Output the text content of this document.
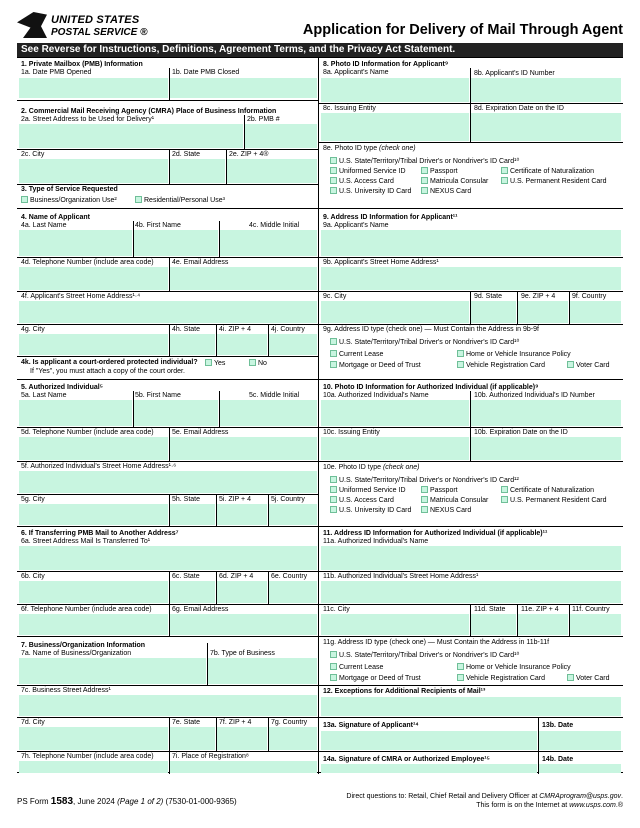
UNITED STATES
POSTAL SERVICE ®	Application for Delivery of Mail Through Agent
See Reverse for Instructions, Definitions, Agreement Terms, and the Privacy Act Statement.
1. Private Mailbox (PMB) Information
1a. Date PMB Opened	1b. Date PMB Closed
2. Commercial Mail Receiving Agency (CMRA) Place of Business Information
2a. Street Address to be Used for Delivery¹	2b. PMB #
2c. City	2d. State	2e. ZIP + 4®
3. Type of Service Requested
Business/Organization Use²	Residential/Personal Use³
4. Name of Applicant
4a. Last Name	4b. First Name	4c. Middle Initial
4d. Telephone Number (include area code)	4e. Email Address
4f. Applicant's Street Home Address¹·⁴
4g. City	4h. State	4i. ZIP + 4	4j. Country
4k. Is applicant a court-ordered protected individual?	Yes	No
If "Yes", you must attach a copy of the court order.
5. Authorized Individual⁵
5a. Last Name	5b. First Name	5c. Middle Initial
5d. Telephone Number (include area code)	5e. Email Address
5f. Authorized Individual's Street Home Address¹·⁶
5g. City	5h. State	5i. ZIP + 4	5j. Country
6. If Transferring PMB Mail to Another Address⁷
6a. Street Address Mail Is Transferred To¹
6b. City	6c. State	6d. ZIP + 4	6e. Country
6f. Telephone Number (include area code)	6g. Email Address
7. Business/Organization Information
7a. Name of Business/Organization	7b. Type of Business
7c. Business Street Address¹
7d. City	7e. State	7f. ZIP + 4	7g. Country
7h. Telephone Number (include area code)	7i. Place of Registration⁸
8. Photo ID Information for Applicant⁹
8a. Applicant's Name	8b. Applicant's ID Number
8c. Issuing Entity	8d. Expiration Date on the ID
8e. Photo ID type (check one)
U.S. State/Territory/Tribal Driver's or Nondriver's ID Card¹⁰
Uniformed Service ID	Passport	Certificate of Naturalization
U.S. Access Card	Matricula Consular	U.S. Permanent Resident Card
U.S. University ID Card	NEXUS Card
9. Address ID Information for Applicant¹¹
9a. Applicant's Name
9b. Applicant's Street Home Address¹
9c. City	9d. State	9e. ZIP + 4 9f. Country
9g. Address ID type (check one) — Must Contain the Address in 9b-9f
U.S. State/Territory/Tribal Driver's or Nondriver's ID Card¹⁰
Current Lease	Home or Vehicle Insurance Policy
Mortgage or Deed of Trust	Vehicle Registration Card	Voter Card
10. Photo ID Information for Authorized Individual (if applicable)⁹
10a. Authorized Individual's Name	10b. Authorized Individual's ID Number
10c. Issuing Entity	10b. Expiration Date on the ID
10e. Photo ID type (check one)
U.S. State/Territory/Tribal Driver's or Nondriver's ID Card¹²
Uniformed Service ID	Passport	Certificate of Naturalization
U.S. Access Card	Matricula Consular	U.S. Permanent Resident Card
U.S. University ID Card	NEXUS Card
11. Address ID Information for Authorized Individual (if applicable)¹¹
11a. Authorized Individual's Name
11b. Authorized Individual's Street Home Address¹
11c. City	11d. State 11e. ZIP + 4 11f. Country
11g. Address ID type (check one) — Must Contain the Address in 11b-11f
U.S. State/Territory/Tribal Driver's or Nondriver's ID Card¹⁰
Current Lease	Home or Vehicle Insurance Policy
Mortgage or Deed of Trust	Vehicle Registration Card	Voter Card
12. Exceptions for Additional Recipients of Mail¹³
13a. Signature of Applicant¹⁴	13b. Date
14a. Signature of CMRA or Authorized Employee¹⁵	14b. Date
PS Form 1583, June 2024 (Page 1 of 2) (7530-01-000-9365)
Direct questions to: Retail, Chief Retail and Delivery Officer at CMRAprogram@usps.gov.
This form is on the Internet at www.usps.com.®
